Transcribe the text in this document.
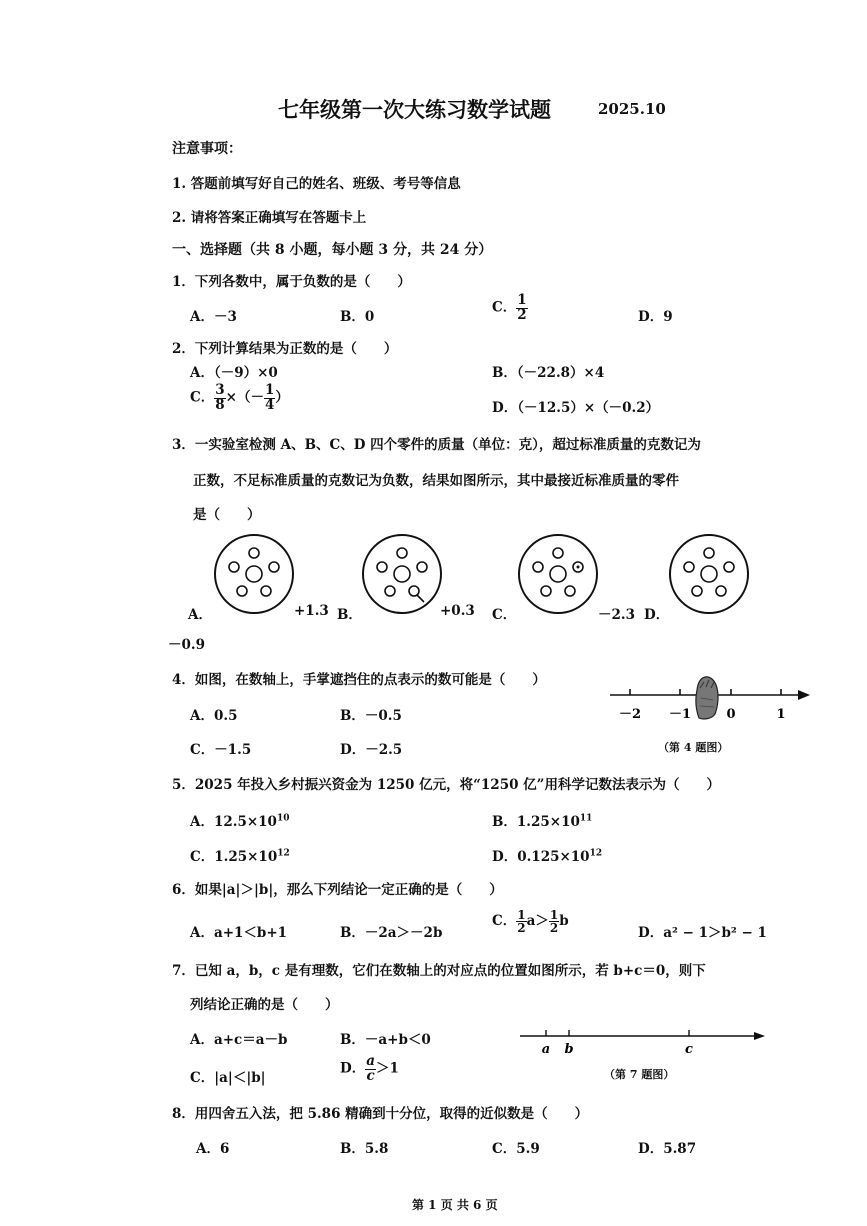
七年级第一次大练习数学试题	2025.10
注意事项：
1. 答题前填写好自己的姓名、班级、考号等信息
2. 请将答案正确填写在答题卡上
一、选择题（共 8 小题，每小题 3 分，共 24 分）
1．下列各数中，属于负数的是（　　）
A．－3	B．0
C． $\frac{1}{2}$	D．9
2．下列计算结果为正数的是（　　）
A．（－9）×0	B．（－22.8）×4
C． $\frac{3}{8}$ ×（－ $\frac{1}{4}$ ）
D．（－12.5）×（－0.2）
3．一实验室检测 A、B、C、D 四个零件的质量（单位：克），超过标准质量的克数记为
正数，不足标准质量的克数记为负数，结果如图所示，其中最接近标准质量的零件
是（　　）
A．	+1.3 B．	+0.3 C．	－2.3 D．
－0.9
4．如图，在数轴上，手掌遮挡住的点表示的数可能是（　　）
A．0.5	B．－0.5
C．－1.5	D．－2.5
－2 －1	0	1
（第 4 题图）
5．2025 年投入乡村振兴资金为 1250 亿元，将“1250 亿”用科学记数法表示为（　　）
A．$12.5\times 10^{10}$	B．$1.25\times 10^{11}$
C．$1.25\times 10^{12}$	D．$0.125\times 10^{12}$
6．如果|a|＞|b|，那么下列结论一定正确的是（　　）
A．a+1＜b+1	B．－2a＞－2b
C． $\frac{1}{2} a> \frac{1}{2}$ b
D．a² − 1＞b² − 1
7．已知 a，b，c 是有理数，它们在数轴上的对应点的位置如图所示，若 b+c＝0，则下
列结论正确的是（　　）
A．a+c＝a－b	B．－a+b＜0
C．|a|＜|b|
D． $\frac{a}{c} >1$
a b	c
（第 7 题图）
8．用四舍五入法，把 5.86 精确到十分位，取得的近似数是（　　）
A．6	B．5.8	C．5.9	D．5.87
第 1 页 共 6 页
